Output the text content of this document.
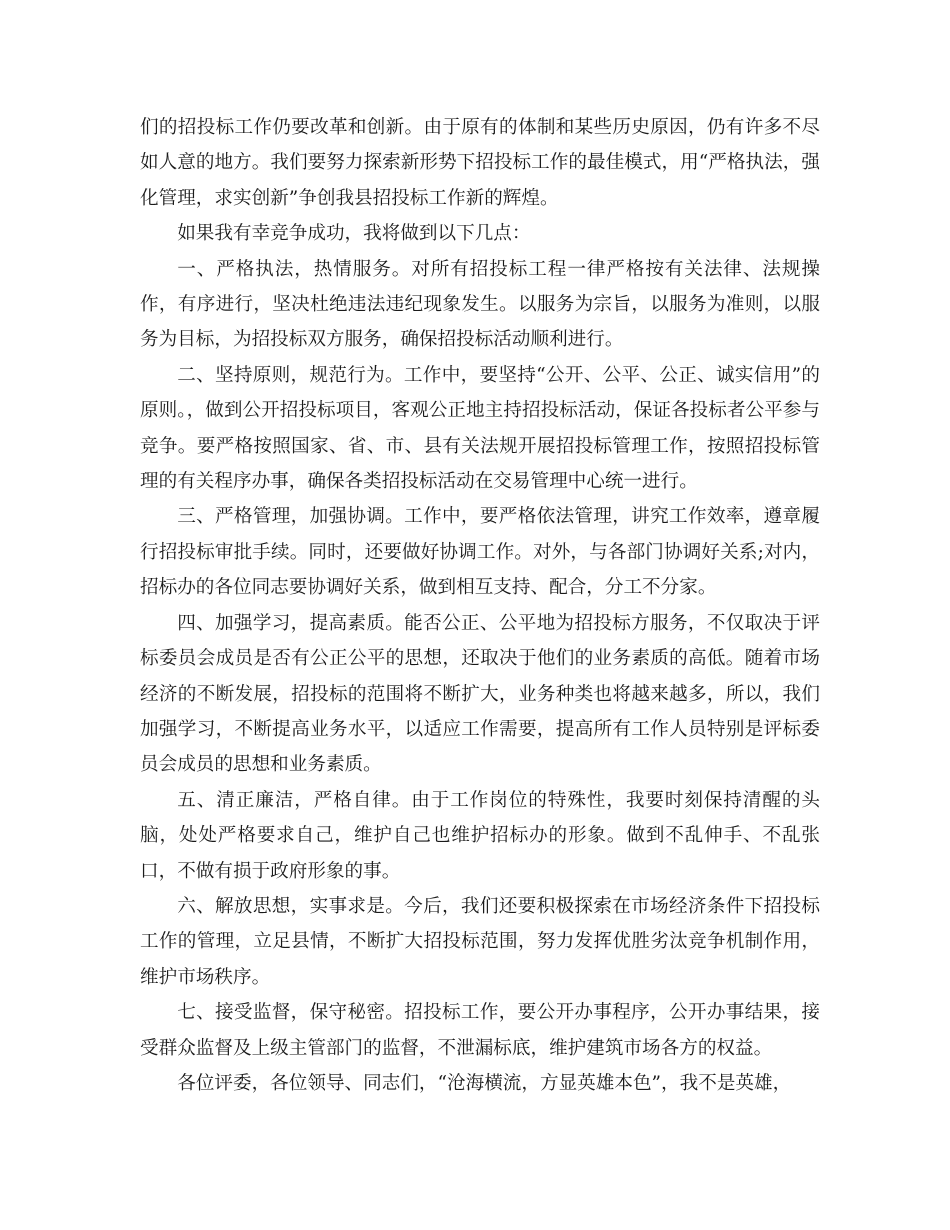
们的招投标工作仍要改革和创新。由于原有的体制和某些历史原因，仍有许多不尽如人意的地方。我们要努力探索新形势下招投标工作的最佳模式，用“严格执法，强化管理，求实创新”争创我县招投标工作新的辉煌。

如果我有幸竞争成功，我将做到以下几点：

一、严格执法，热情服务。对所有招投标工程一律严格按有关法律、法规操作，有序进行，坚决杜绝违法违纪现象发生。以服务为宗旨，以服务为准则，以服务为目标，为招投标双方服务，确保招投标活动顺利进行。

二、坚持原则，规范行为。工作中，要坚持“公开、公平、公正、诚实信用”的原则。，做到公开招投标项目，客观公正地主持招投标活动，保证各投标者公平参与竞争。要严格按照国家、省、市、县有关法规开展招投标管理工作，按照招投标管理的有关程序办事，确保各类招投标活动在交易管理中心统一进行。

三、严格管理，加强协调。工作中，要严格依法管理，讲究工作效率，遵章履行招投标审批手续。同时，还要做好协调工作。对外，与各部门协调好关系;对内，招标办的各位同志要协调好关系，做到相互支持、配合，分工不分家。

四、加强学习，提高素质。能否公正、公平地为招投标方服务，不仅取决于评标委员会成员是否有公正公平的思想，还取决于他们的业务素质的高低。随着市场经济的不断发展，招投标的范围将不断扩大，业务种类也将越来越多，所以，我们加强学习，不断提高业务水平，以适应工作需要，提高所有工作人员特别是评标委员会成员的思想和业务素质。

五、清正廉洁，严格自律。由于工作岗位的特殊性，我要时刻保持清醒的头脑，处处严格要求自己，维护自己也维护招标办的形象。做到不乱伸手、不乱张口，不做有损于政府形象的事。

六、解放思想，实事求是。今后，我们还要积极探索在市场经济条件下招投标工作的管理，立足县情，不断扩大招投标范围，努力发挥优胜劣汰竞争机制作用，维护市场秩序。

七、接受监督，保守秘密。招投标工作，要公开办事程序，公开办事结果，接受群众监督及上级主管部门的监督，不泄漏标底，维护建筑市场各方的权益。

各位评委，各位领导、同志们，“沧海横流，方显英雄本色”，我不是英雄，
